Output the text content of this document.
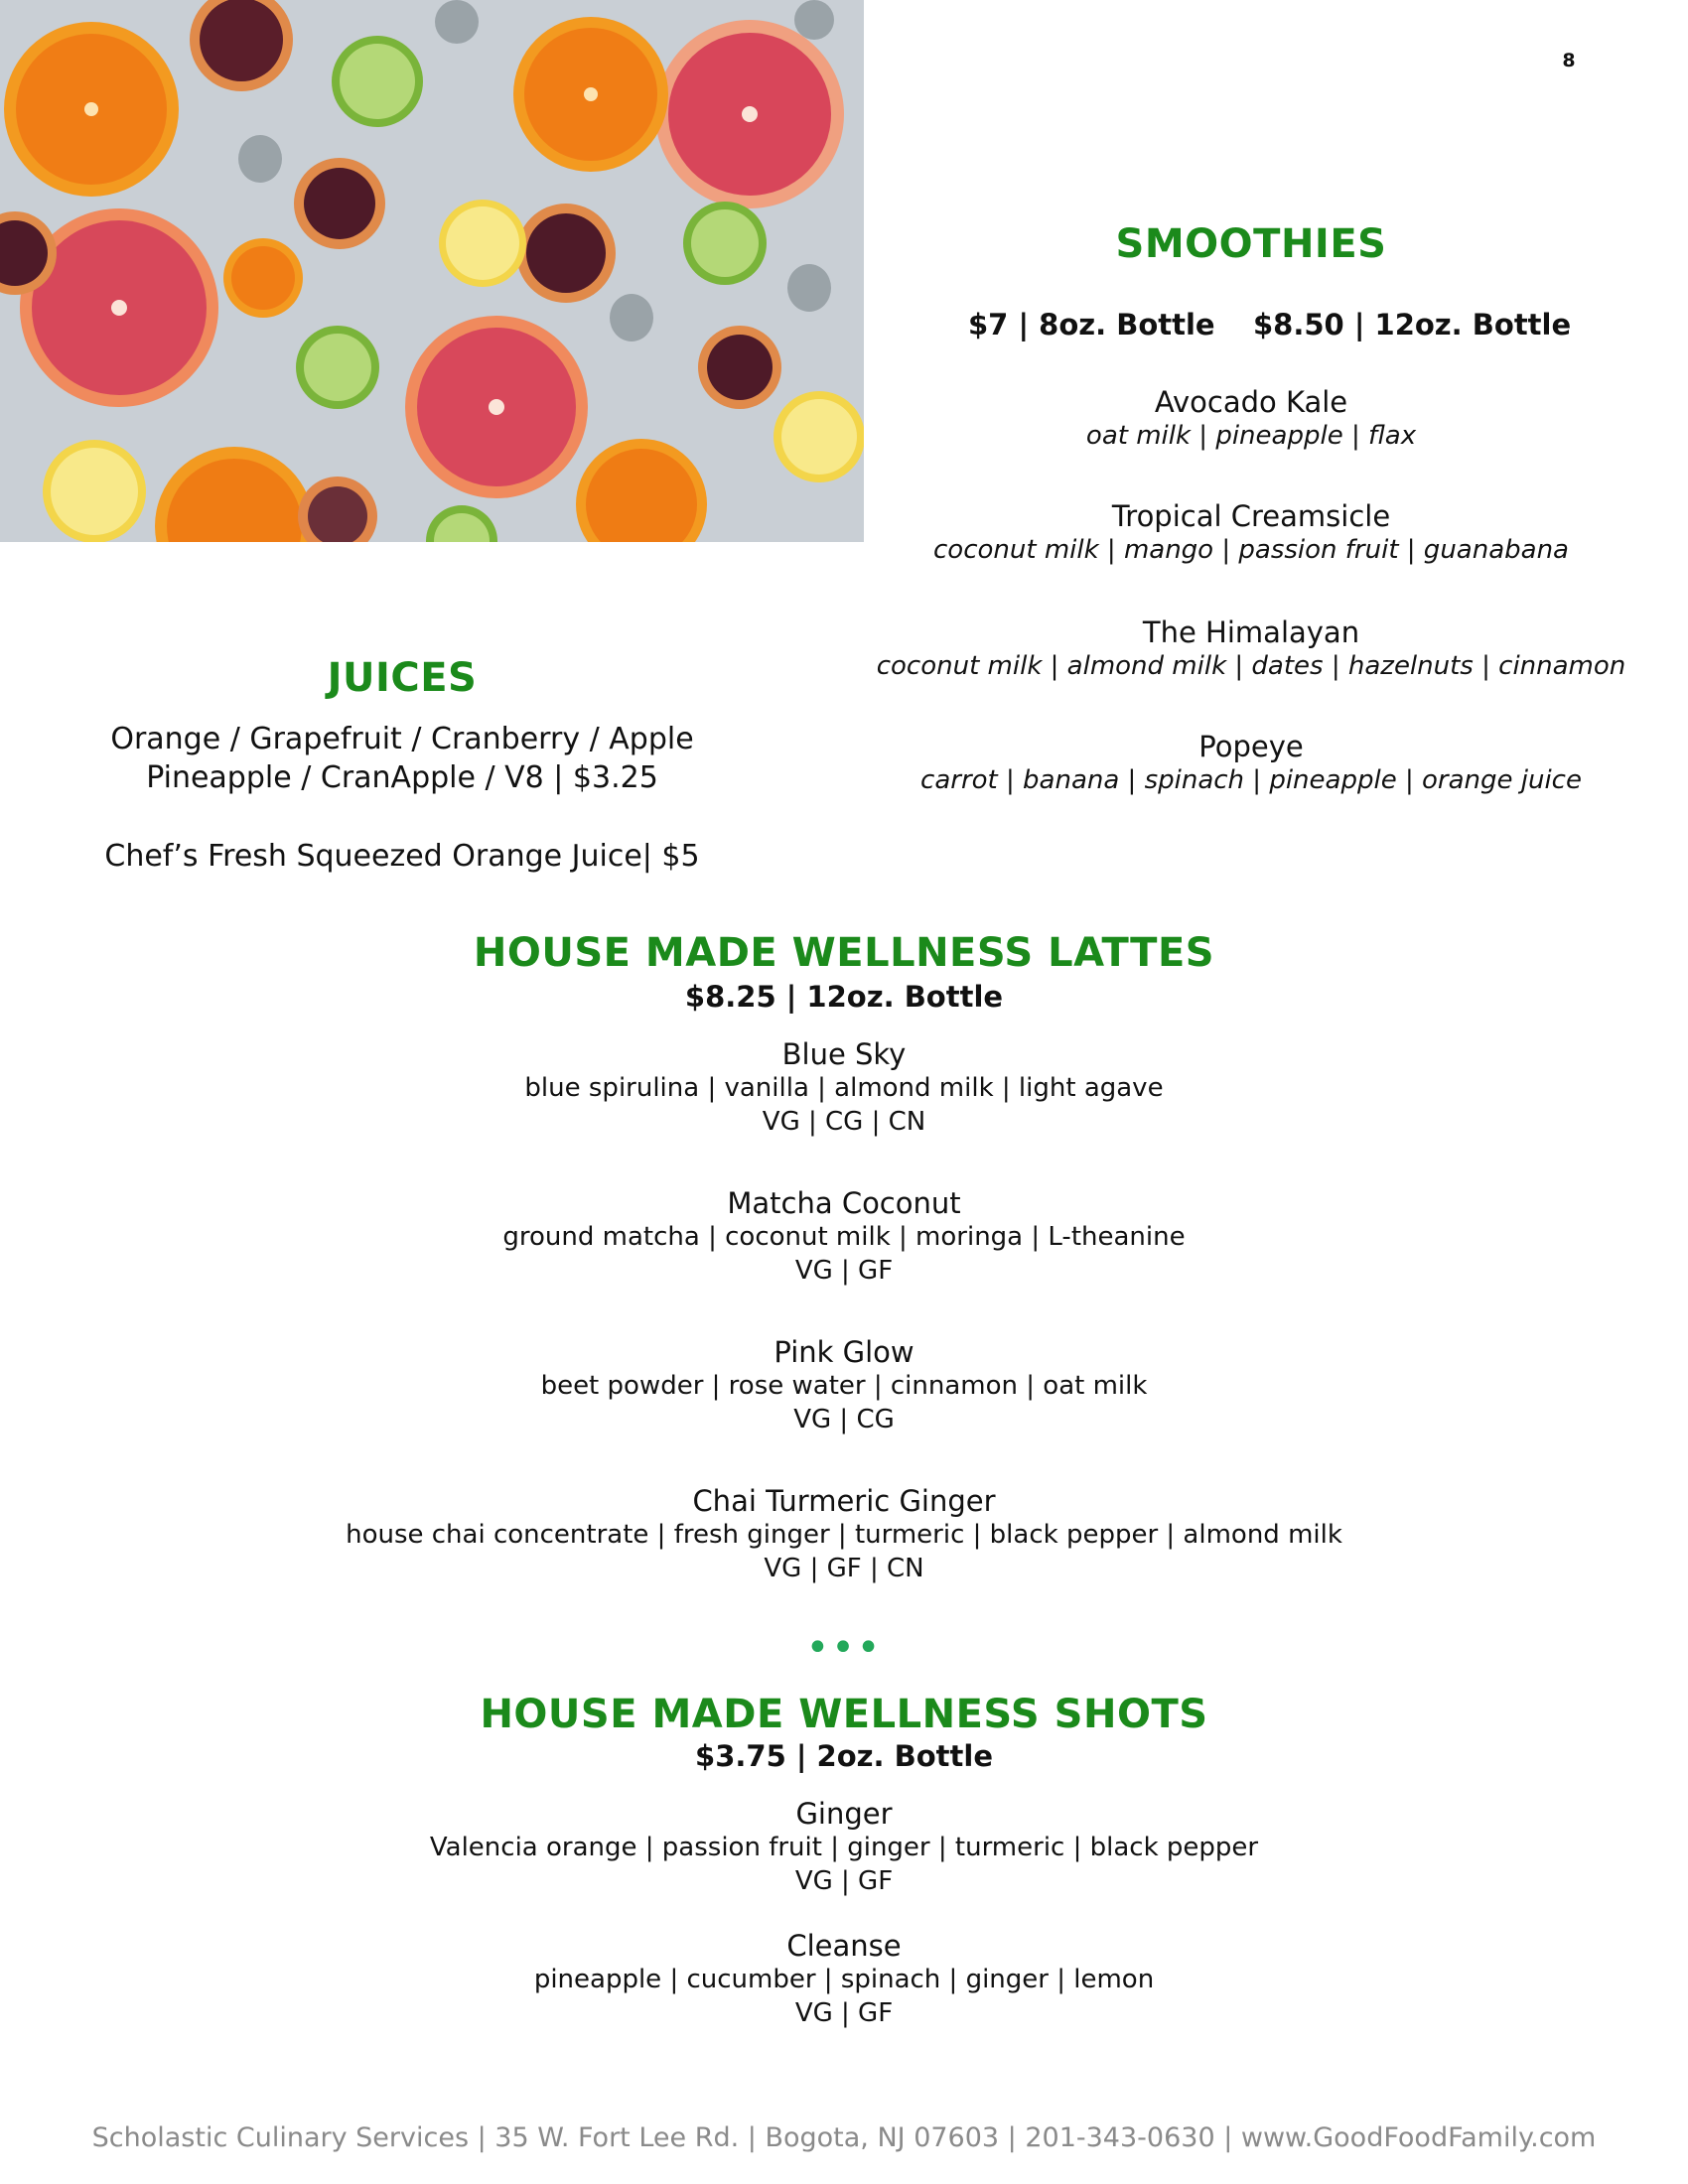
8
SMOOTHIES
$7 | 8oz. Bottle $8.50 | 12oz. Bottle
Avocado Kale
oat milk | pineapple | flax
Tropical Creamsicle
coconut milk | mango | passion fruit | guanabana
The Himalayan
coconut milk | almond milk | dates | hazelnuts | cinnamon
Popeye
carrot | banana | spinach | pineapple | orange juice
JUICES
Orange / Grapefruit / Cranberry / Apple
Pineapple / CranApple / V8 | $3.25
Chef’s Fresh Squeezed Orange Juice| $5
HOUSE MADE WELLNESS LATTES
$8.25 | 12oz. Bottle
Blue Sky
blue spirulina | vanilla | almond milk | light agave
VG | CG | CN
Matcha Coconut
ground matcha | coconut milk | moringa | L-theanine
VG | GF
Pink Glow
beet powder | rose water | cinnamon | oat milk
VG | CG
Chai Turmeric Ginger
house chai concentrate | fresh ginger | turmeric | black pepper | almond milk
VG | GF | CN
•••
HOUSE MADE WELLNESS SHOTS
$3.75 | 2oz. Bottle
Ginger
Valencia orange | passion fruit | ginger | turmeric | black pepper
VG | GF
Cleanse
pineapple | cucumber | spinach | ginger | lemon
VG | GF
Scholastic Culinary Services | 35 W. Fort Lee Rd. | Bogota, NJ 07603 | 201-343-0630 | www.GoodFoodFamily.com
